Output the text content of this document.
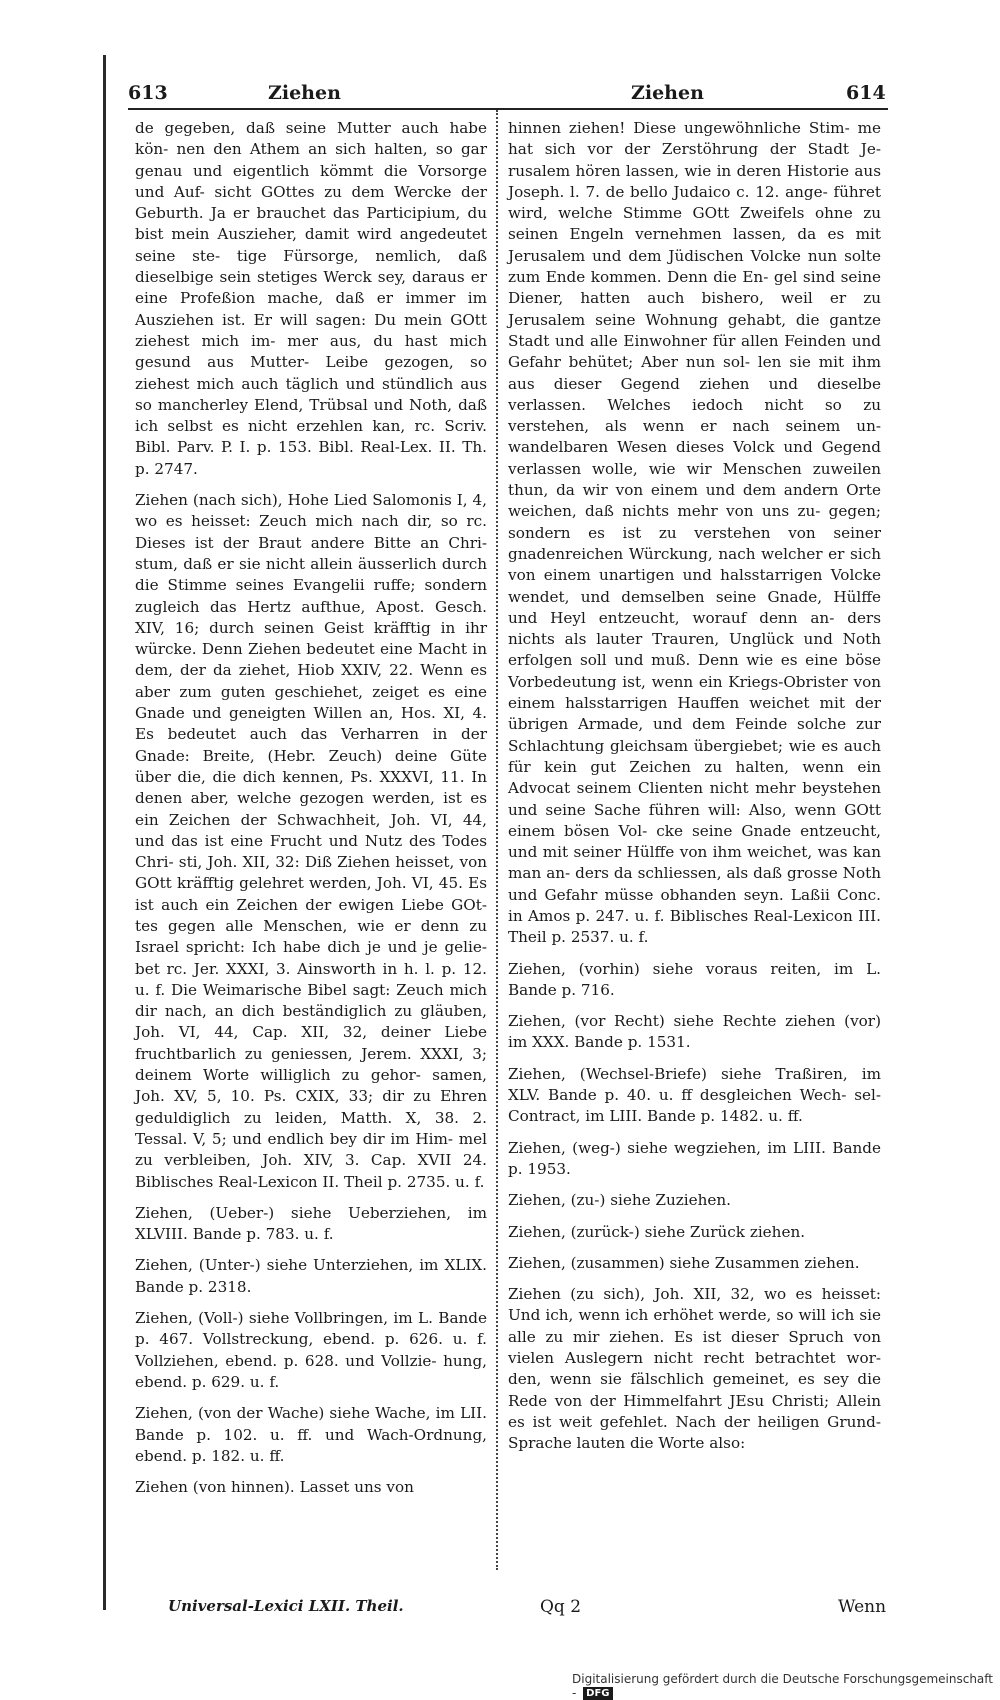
613	Ziehen	Ziehen	614

de gegeben, daß seine Mutter auch habe kön- nen den Athem an sich halten, so gar genau und eigentlich kömmt die Vorsorge und Auf- sicht GOttes zu dem Wercke der Geburth. Ja er brauchet das Participium, du bist mein Auszieher, damit wird angedeutet seine ste- tige Fürsorge, nemlich, daß dieselbige sein stetiges Werck sey, daraus er eine Profeßion mache, daß er immer im Ausziehen ist. Er will sagen: Du mein GOtt ziehest mich im- mer aus, du hast mich gesund aus Mutter- Leibe gezogen, so ziehest mich auch täglich und stündlich aus so mancherley Elend, Trübsal und Noth, daß ich selbst es nicht erzehlen kan, rc. Scriv. Bibl. Parv. P. I. p. 153. Bibl. Real-Lex. II. Th. p. 2747.

Ziehen (nach sich), Hohe Lied Salomonis I, 4, wo es heisset: Zeuch mich nach dir, so rc. Dieses ist der Braut andere Bitte an Chri- stum, daß er sie nicht allein äusserlich durch die Stimme seines Evangelii ruffe; sondern zugleich das Hertz aufthue, Apost. Gesch. XIV, 16; durch seinen Geist kräfftig in ihr würcke. Denn Ziehen bedeutet eine Macht in dem, der da ziehet, Hiob XXIV, 22. Wenn es aber zum guten geschiehet, zeiget es eine Gnade und geneigten Willen an, Hos. XI, 4. Es bedeutet auch das Verharren in der Gnade: Breite, (Hebr. Zeuch) deine Güte über die, die dich kennen, Ps. XXXVI, 11. In denen aber, welche gezogen werden, ist es ein Zeichen der Schwachheit, Joh. VI, 44, und das ist eine Frucht und Nutz des Todes Chri- sti, Joh. XII, 32: Diß Ziehen heisset, von GOtt kräfftig gelehret werden, Joh. VI, 45. Es ist auch ein Zeichen der ewigen Liebe GOt- tes gegen alle Menschen, wie er denn zu Israel spricht: Ich habe dich je und je gelie- bet rc. Jer. XXXI, 3. Ainsworth in h. l. p. 12. u. f. Die Weimarische Bibel sagt: Zeuch mich dir nach, an dich beständiglich zu gläuben, Joh. VI, 44, Cap. XII, 32, deiner Liebe fruchtbarlich zu geniessen, Jerem. XXXI, 3; deinem Worte williglich zu gehor- samen, Joh. XV, 5, 10. Ps. CXIX, 33; dir zu Ehren geduldiglich zu leiden, Matth. X, 38. 2. Tessal. V, 5; und endlich bey dir im Him- mel zu verbleiben, Joh. XIV, 3. Cap. XVII 24. Biblisches Real-Lexicon II. Theil p. 2735. u. f.

Ziehen, (Ueber-) siehe Ueberziehen, im XLVIII. Bande p. 783. u. f.

Ziehen, (Unter-) siehe Unterziehen, im XLIX. Bande p. 2318.

Ziehen, (Voll-) siehe Vollbringen, im L. Bande p. 467. Vollstreckung, ebend. p. 626. u. f. Vollziehen, ebend. p. 628. und Vollzie- hung, ebend. p. 629. u. f.

Ziehen, (von der Wache) siehe Wache, im LII. Bande p. 102. u. ff. und Wach-Ordnung, ebend. p. 182. u. ff.

Ziehen (von hinnen). Lasset uns von

hinnen ziehen! Diese ungewöhnliche Stim- me hat sich vor der Zerstöhrung der Stadt Je- rusalem hören lassen, wie in deren Historie aus Joseph. l. 7. de bello Judaico c. 12. ange- führet wird, welche Stimme GOtt Zweifels ohne zu seinen Engeln vernehmen lassen, da es mit Jerusalem und dem Jüdischen Volcke nun solte zum Ende kommen. Denn die En- gel sind seine Diener, hatten auch bishero, weil er zu Jerusalem seine Wohnung gehabt, die gantze Stadt und alle Einwohner für allen Feinden und Gefahr behütet; Aber nun sol- len sie mit ihm aus dieser Gegend ziehen und dieselbe verlassen. Welches iedoch nicht so zu verstehen, als wenn er nach seinem un- wandelbaren Wesen dieses Volck und Gegend verlassen wolle, wie wir Menschen zuweilen thun, da wir von einem und dem andern Orte weichen, daß nichts mehr von uns zu- gegen; sondern es ist zu verstehen von seiner gnadenreichen Würckung, nach welcher er sich von einem unartigen und halsstarrigen Volcke wendet, und demselben seine Gnade, Hülffe und Heyl entzeucht, worauf denn an- ders nichts als lauter Trauren, Unglück und Noth erfolgen soll und muß. Denn wie es eine böse Vorbedeutung ist, wenn ein Kriegs-Obrister von einem halsstarrigen Hauffen weichet mit der übrigen Armade, und dem Feinde solche zur Schlachtung gleichsam übergiebet; wie es auch für kein gut Zeichen zu halten, wenn ein Advocat seinem Clienten nicht mehr beystehen und seine Sache führen will: Also, wenn GOtt einem bösen Vol- cke seine Gnade entzeucht, und mit seiner Hülffe von ihm weichet, was kan man an- ders da schliessen, als daß grosse Noth und Gefahr müsse obhanden seyn. Laßii Conc. in Amos p. 247. u. f. Biblisches Real-Lexicon III. Theil p. 2537. u. f.

Ziehen, (vorhin) siehe voraus reiten, im L. Bande p. 716.

Ziehen, (vor Recht) siehe Rechte ziehen (vor) im XXX. Bande p. 1531.

Ziehen, (Wechsel-Briefe) siehe Traßiren, im XLV. Bande p. 40. u. ff desgleichen Wech- sel-Contract, im LIII. Bande p. 1482. u. ff.

Ziehen, (weg-) siehe wegziehen, im LIII. Bande p. 1953.

Ziehen, (zu-) siehe Zuziehen.

Ziehen, (zurück-) siehe Zurück ziehen.

Ziehen, (zusammen) siehe Zusammen ziehen.

Ziehen (zu sich), Joh. XII, 32, wo es heisset: Und ich, wenn ich erhöhet werde, so will ich sie alle zu mir ziehen. Es ist dieser Spruch von vielen Auslegern nicht recht betrachtet wor- den, wenn sie fälschlich gemeinet, es sey die Rede von der Himmelfahrt JEsu Christi; Allein es ist weit gefehlet. Nach der heiligen Grund-Sprache lauten die Worte also:

Universal-Lexici LXII. Theil.	Qq 2	Wenn
Digitalisierung gefördert durch die Deutsche Forschungsgemeinschaft - DFG
